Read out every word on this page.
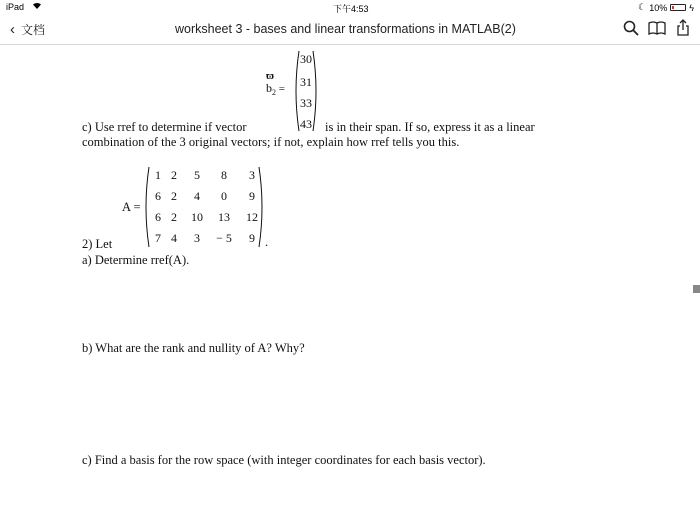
iPad	下午4:53	☾ 10% ϟ
‹ 文档	worksheet 3 - bases and linear transformations in MATLAB(2)
ϖ
$b_2$ =
30
31
33
43
c) Use rref to determine if vector	is in their span. If so, express it as a linear
combination of the 3 original vectors; if not, explain how rref tells you this.
A =
1 2	5	8	3
6 2	4	0	9
6 2 10	13	12
7 4	3	− 5	9 .
2) Let
a) Determine rref(A).
b) What are the rank and nullity of A? Why?
c) Find a basis for the row space (with integer coordinates for each basis vector).
